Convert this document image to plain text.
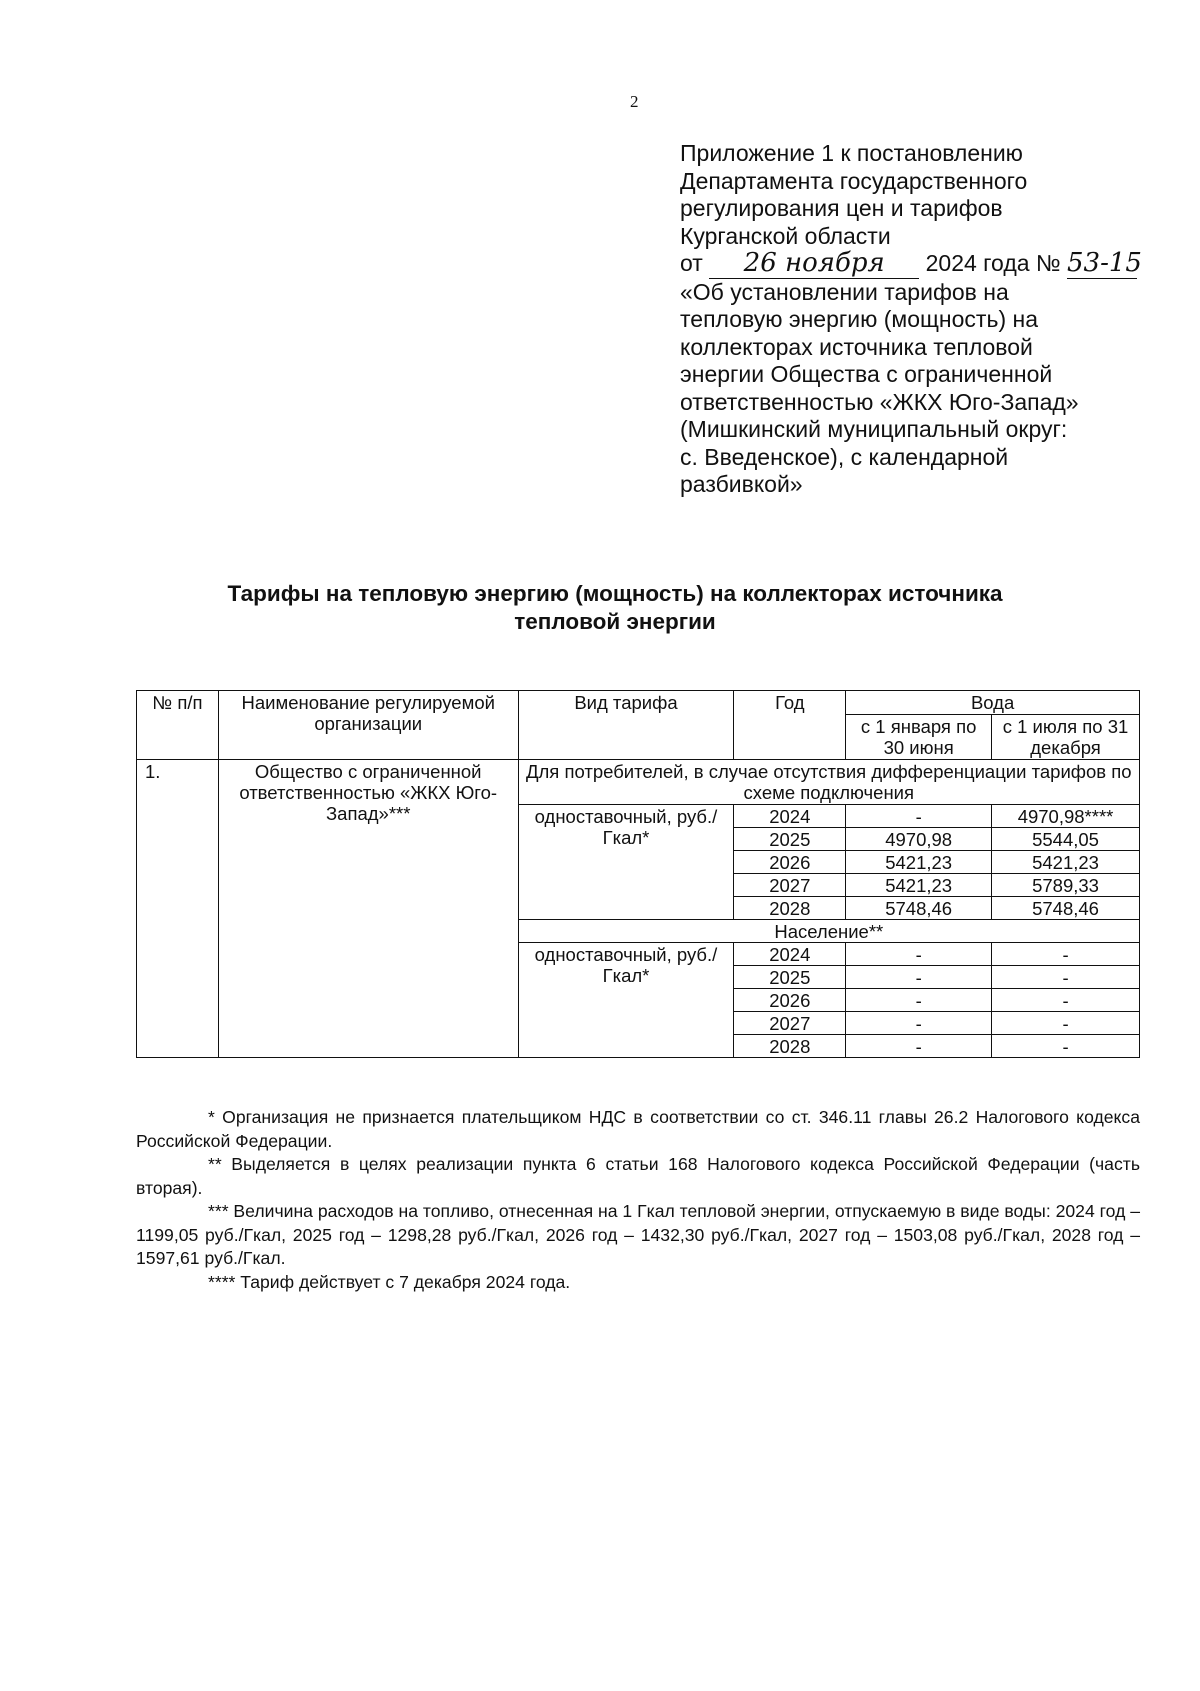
2
Приложение 1 к постановлению
Департамента государственного
регулирования цен и тарифов
Курганской области
от 26 ноября 2024 года № 53-15
«Об установлении тарифов на
тепловую энергию (мощность) на
коллекторах источника тепловой
энергии Общества с ограниченной
ответственностью «ЖКХ Юго-Запад»
(Мишкинский муниципальный округ:
с. Введенское), с календарной
разбивкой»
Тарифы на тепловую энергию (мощность) на коллекторах источника
тепловой энергии
№ п/п	Наименование регулируемой организации	Вид тарифа	Год	Вода	
				с 1 января по 30 июня	с 1 июля по 31 декабря
1.	Общество с ограниченной ответственностью «ЖКХ Юго-Запад»***	Для потребителей, в случае отсутствия дифференциации тарифов по схеме подключения			
		одноставочный, руб./Гкал*	2024	-	4970,98****
			2025	4970,98	5544,05
			2026	5421,23	5421,23
			2027	5421,23	5789,33
			2028	5748,46	5748,46
		Население**			
		одноставочный, руб./Гкал*	2024	-	-
			2025	-	-
			2026	-	-
			2027	-	-
			2028	-	-

* Организация не признается плательщиком НДС в соответствии со ст. 346.11 главы 26.2 Налогового кодекса Российской Федерации.

** Выделяется в целях реализации пункта 6 статьи 168 Налогового кодекса Российской Федерации (часть вторая).

*** Величина расходов на топливо, отнесенная на 1 Гкал тепловой энергии, отпускаемую в виде воды: 2024 год – 1199,05 руб./Гкал, 2025 год – 1298,28 руб./Гкал, 2026 год – 1432,30 руб./Гкал, 2027 год – 1503,08 руб./Гкал, 2028 год – 1597,61 руб./Гкал.

**** Тариф действует с 7 декабря 2024 года.
